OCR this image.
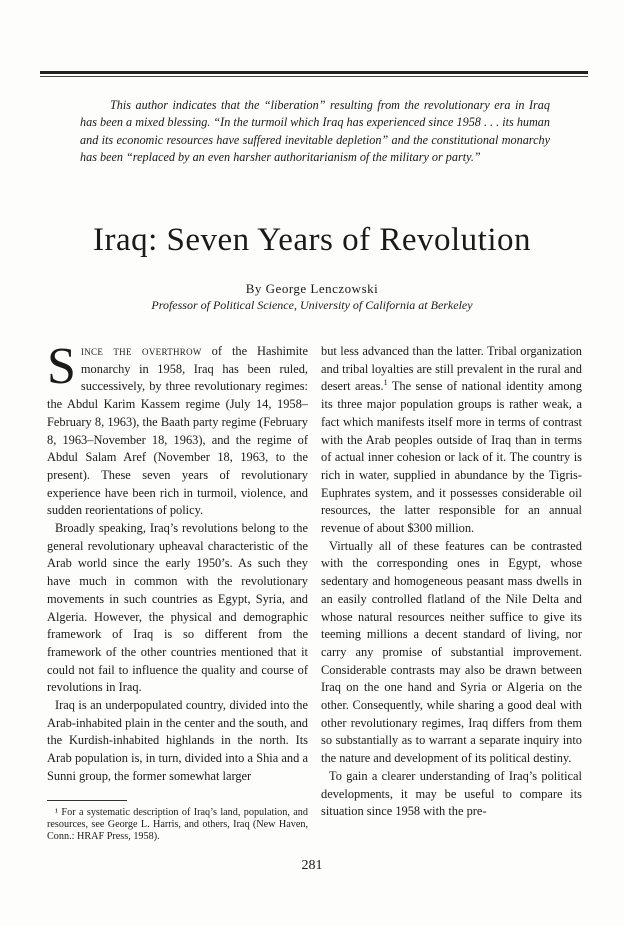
This author indicates that the “liberation” resulting from the revolutionary era in Iraq has been a mixed blessing. “In the turmoil which Iraq has experienced since 1958 . . . its human and its economic resources have suffered inevitable depletion” and the constitutional monarchy has been “replaced by an even harsher authoritarianism of the military or party.”

Iraq: Seven Years of Revolution

By George Lenczowski

Professor of Political Science, University of California at Berkeley

Since the overthrow of the Hashimite monarchy in 1958, Iraq has been ruled, successively, by three revolutionary regimes: the Abdul Karim Kassem regime (July 14, 1958–February 8, 1963), the Baath party regime (February 8, 1963–November 18, 1963), and the regime of Abdul Salam Aref (November 18, 1963, to the present). These seven years of revolutionary experience have been rich in turmoil, violence, and sudden reorientations of policy.

Broadly speaking, Iraq’s revolutions belong to the general revolutionary upheaval characteristic of the Arab world since the early 1950’s. As such they have much in common with the revolutionary movements in such countries as Egypt, Syria, and Algeria. However, the physical and demographic framework of Iraq is so different from the framework of the other countries mentioned that it could not fail to influence the quality and course of revolutions in Iraq.

Iraq is an underpopulated country, divided into the Arab-inhabited plain in the center and the south, and the Kurdish-inhabited highlands in the north. Its Arab population is, in turn, divided into a Shia and a Sunni group, the former somewhat larger

¹ For a systematic description of Iraq’s land, population, and resources, see George L. Harris, and others, Iraq (New Haven, Conn.: HRAF Press, 1958).

but less advanced than the latter. Tribal organization and tribal loyalties are still prevalent in the rural and desert areas.$^1$ The sense of national identity among its three major population groups is rather weak, a fact which manifests itself more in terms of contrast with the Arab peoples outside of Iraq than in terms of actual inner cohesion or lack of it. The country is rich in water, supplied in abundance by the Tigris-Euphrates system, and it possesses considerable oil resources, the latter responsible for an annual revenue of about $300 million.

Virtually all of these features can be contrasted with the corresponding ones in Egypt, whose sedentary and homogeneous peasant mass dwells in an easily controlled flatland of the Nile Delta and whose natural resources neither suffice to give its teeming millions a decent standard of living, nor carry any promise of substantial improvement. Considerable contrasts may also be drawn between Iraq on the one hand and Syria or Algeria on the other. Consequently, while sharing a good deal with other revolutionary regimes, Iraq differs from them so substantially as to warrant a separate inquiry into the nature and development of its political destiny.

To gain a clearer understanding of Iraq’s political developments, it may be useful to compare its situation since 1958 with the pre-

281
